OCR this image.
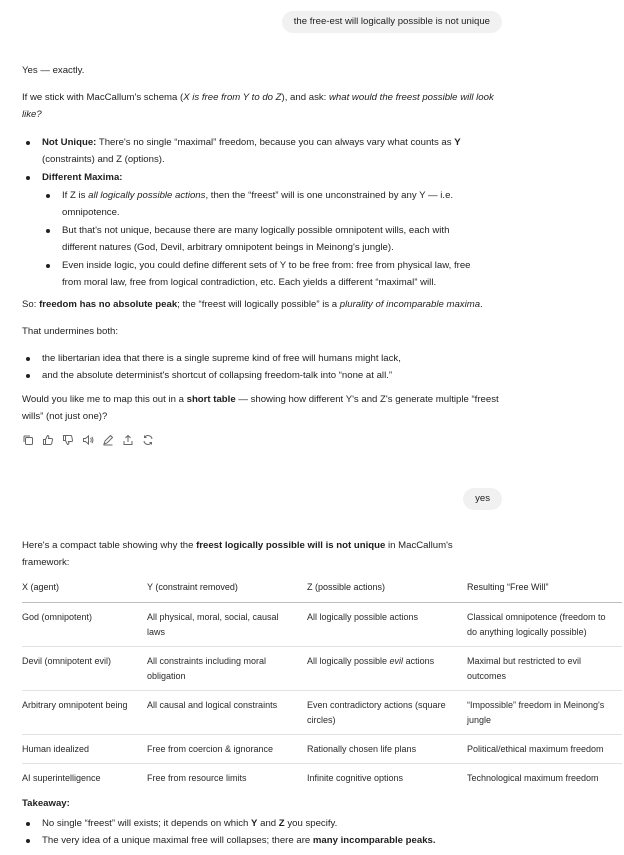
the free-est will logically possible is not unique

Yes — exactly.

If we stick with MacCallum's schema (X is free from Y to do Z), and ask: what would the freest possible will look like?

Not Unique: There's no single “maximal” freedom, because you can always vary what counts as Y (constraints) and Z (options).
Different Maxima:
If Z is all logically possible actions, then the “freest” will is one unconstrained by any Y — i.e. omnipotence.
But that's not unique, because there are many logically possible omnipotent wills, each with different natures (God, Devil, arbitrary omnipotent beings in Meinong's jungle).
Even inside logic, you could define different sets of Y to be free from: free from physical law, free from moral law, free from logical contradiction, etc. Each yields a different “maximal” will.

So: freedom has no absolute peak; the “freest will logically possible” is a plurality of incomparable maxima.

That undermines both:

the libertarian idea that there is a single supreme kind of free will humans might lack,
and the absolute determinist's shortcut of collapsing freedom-talk into “none at all.”

Would you like me to map this out in a short table — showing how different Y's and Z's generate multiple “freest wills” (not just one)?

yes

Here's a compact table showing why the freest logically possible will is not unique in MacCallum's framework:

X (agent)	Y (constraint removed)	Z (possible actions)	Resulting “Free Will”
God (omnipotent)	All physical, moral, social, causal laws	All logically possible actions	Classical omnipotence (freedom to do anything logically possible)
Devil (omnipotent evil)	All constraints including moral obligation	All logically possible evil actions	Maximal but restricted to evil outcomes
Arbitrary omnipotent being	All causal and logical constraints	Even contradictory actions (square circles)	“Impossible” freedom in Meinong's jungle
Human idealized	Free from coercion & ignorance	Rationally chosen life plans	Political/ethical maximum freedom
AI superintelligence	Free from resource limits	Infinite cognitive options	Technological maximum freedom

Takeaway:

No single “freest” will exists; it depends on which Y and Z you specify.
The very idea of a unique maximal free will collapses; there are many incomparable peaks.
